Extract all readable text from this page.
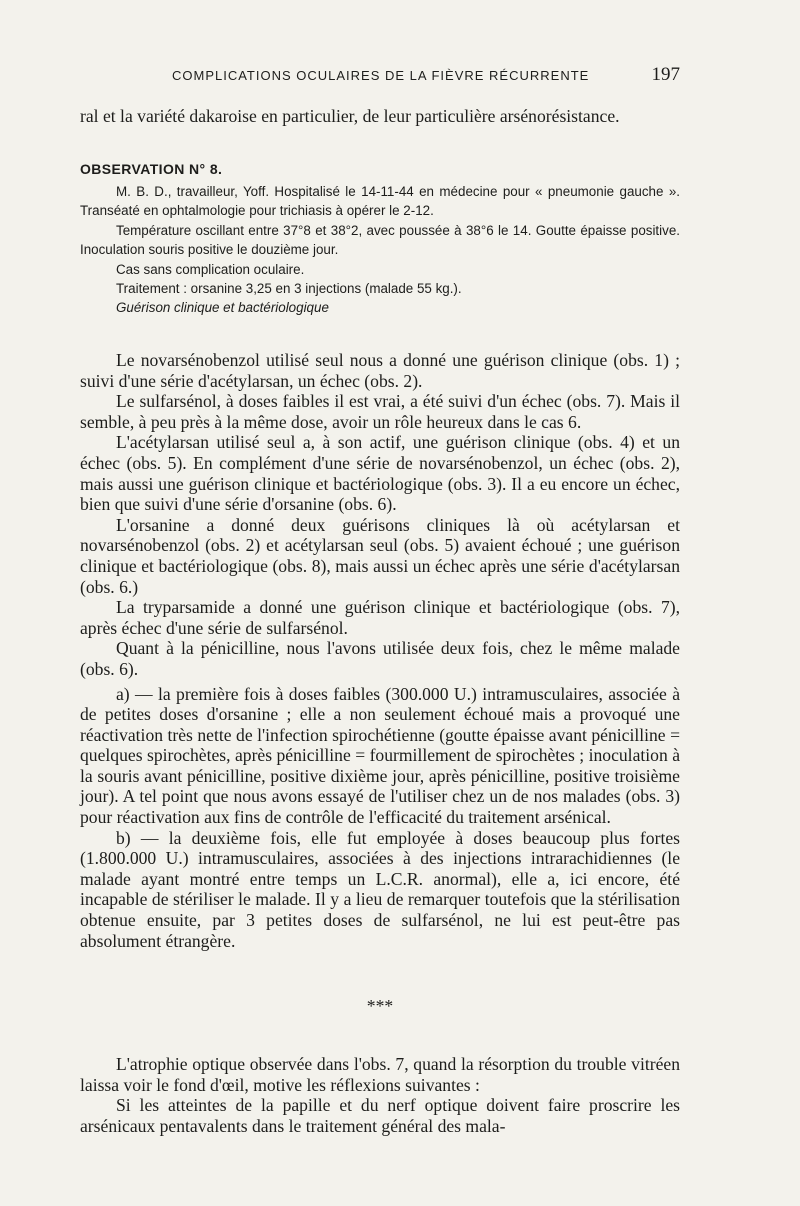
COMPLICATIONS OCULAIRES DE LA FIÈVRE RÉCURRENTE	197

ral et la variété dakaroise en particulier, de leur particulière arsénorésistance.

OBSERVATION N° 8.

M. B. D., travailleur, Yoff. Hospitalisé le 14-11-44 en médecine pour « pneumonie gauche ». Transéaté en ophtalmologie pour trichiasis à opérer le 2-12.

Température oscillant entre 37°8 et 38°2, avec poussée à 38°6 le 14. Goutte épaisse positive. Inoculation souris positive le douzième jour.

Cas sans complication oculaire.

Traitement : orsanine 3,25 en 3 injections (malade 55 kg.).

Guérison clinique et bactériologique

Le novarsénobenzol utilisé seul nous a donné une guérison clinique (obs. 1) ; suivi d'une série d'acétylarsan, un échec (obs. 2).

Le sulfarsénol, à doses faibles il est vrai, a été suivi d'un échec (obs. 7). Mais il semble, à peu près à la même dose, avoir un rôle heureux dans le cas 6.

L'acétylarsan utilisé seul a, à son actif, une guérison clinique (obs. 4) et un échec (obs. 5). En complément d'une série de novarsénobenzol, un échec (obs. 2), mais aussi une guérison clinique et bactériologique (obs. 3). Il a eu encore un échec, bien que suivi d'une série d'orsanine (obs. 6).

L'orsanine a donné deux guérisons cliniques là où acétylarsan et novarsénobenzol (obs. 2) et acétylarsan seul (obs. 5) avaient échoué ; une guérison clinique et bactériologique (obs. 8), mais aussi un échec après une série d'acétylarsan (obs. 6.)

La tryparsamide a donné une guérison clinique et bactériologique (obs. 7), après échec d'une série de sulfarsénol.

Quant à la pénicilline, nous l'avons utilisée deux fois, chez le même malade (obs. 6).

a) — la première fois à doses faibles (300.000 U.) intramusculaires, associée à de petites doses d'orsanine ; elle a non seulement échoué mais a provoqué une réactivation très nette de l'infection spirochétienne (goutte épaisse avant pénicilline = quelques spirochètes, après pénicilline = fourmillement de spirochètes ; inoculation à la souris avant pénicilline, positive dixième jour, après pénicilline, positive troisième jour). A tel point que nous avons essayé de l'utiliser chez un de nos malades (obs. 3) pour réactivation aux fins de contrôle de l'efficacité du traitement arsénical.

b) — la deuxième fois, elle fut employée à doses beaucoup plus fortes (1.800.000 U.) intramusculaires, associées à des injections intrarachidiennes (le malade ayant montré entre temps un L.C.R. anormal), elle a, ici encore, été incapable de stériliser le malade. Il y a lieu de remarquer toutefois que la stérilisation obtenue ensuite, par 3 petites doses de sulfarsénol, ne lui est peut-être pas absolument étrangère.

***

L'atrophie optique observée dans l'obs. 7, quand la résorption du trouble vitréen laissa voir le fond d'œil, motive les réflexions suivantes :

Si les atteintes de la papille et du nerf optique doivent faire proscrire les arsénicaux pentavalents dans le traitement général des mala-
